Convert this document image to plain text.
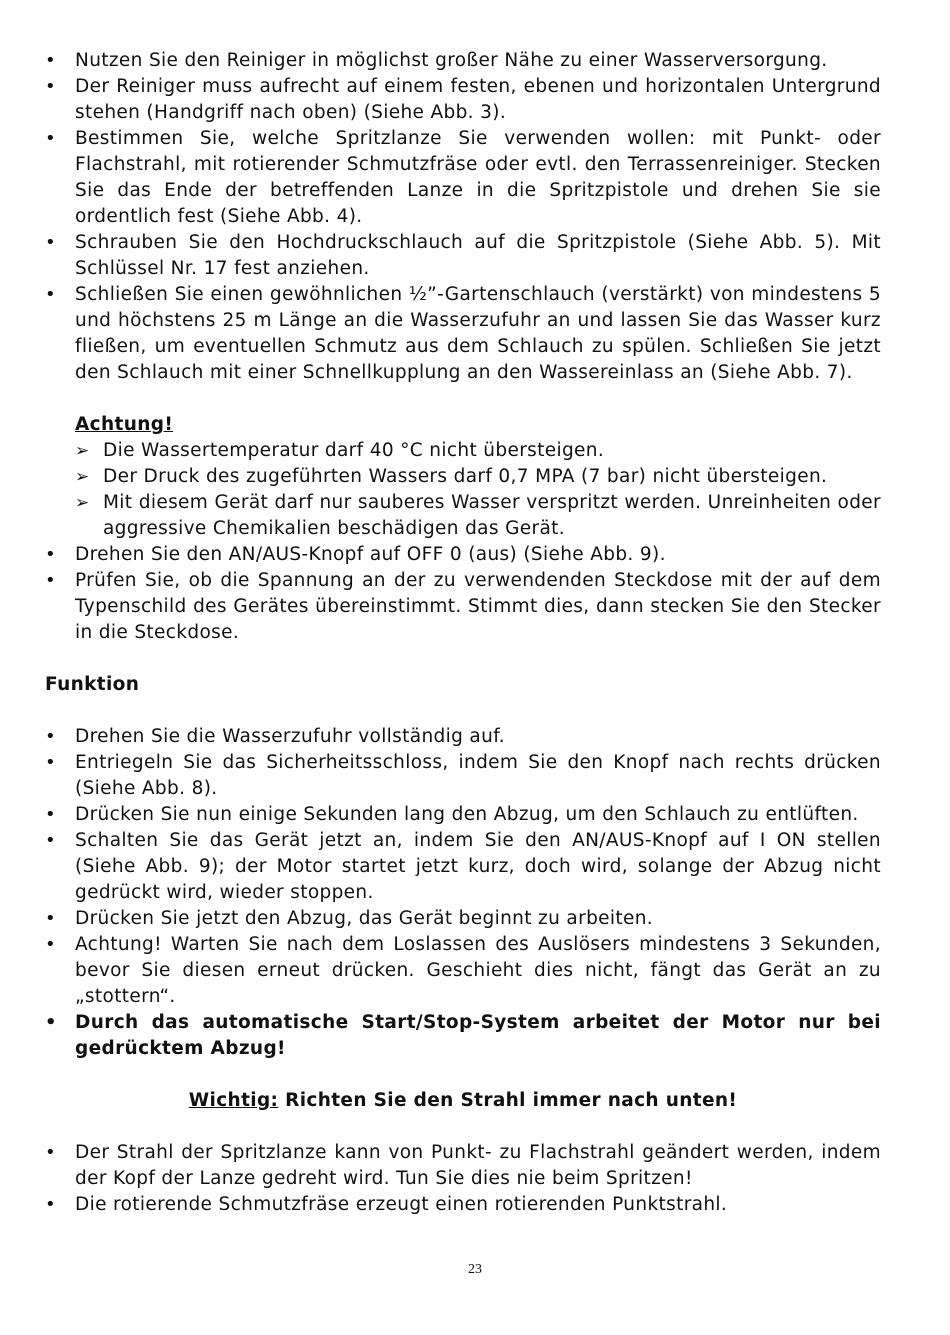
• Nutzen Sie den Reiniger in möglichst großer Nähe zu einer Wasserversorgung.
• Der Reiniger muss aufrecht auf einem festen, ebenen und horizontalen Untergrund stehen (Handgriff nach oben) (Siehe Abb. 3).
• Bestimmen Sie, welche Spritzlanze Sie verwenden wollen: mit Punkt- oder Flachstrahl, mit rotierender Schmutzfräse oder evtl. den Terrassenreiniger. Stecken Sie das Ende der betreffenden Lanze in die Spritzpistole und drehen Sie sie ordentlich fest (Siehe Abb. 4).
• Schrauben Sie den Hochdruckschlauch auf die Spritzpistole (Siehe Abb. 5). Mit Schlüssel Nr. 17 fest anziehen.
• Schließen Sie einen gewöhnlichen ½”-Gartenschlauch (verstärkt) von mindestens 5 und höchstens 25 m Länge an die Wasserzufuhr an und lassen Sie das Wasser kurz fließen, um eventuellen Schmutz aus dem Schlauch zu spülen. Schließen Sie jetzt den Schlauch mit einer Schnellkupplung an den Wassereinlass an (Siehe Abb. 7).
Achtung!
➢ Die Wassertemperatur darf 40 °C nicht übersteigen.
➢ Der Druck des zugeführten Wassers darf 0,7 MPA (7 bar) nicht übersteigen.
➢ Mit diesem Gerät darf nur sauberes Wasser verspritzt werden. Unreinheiten oder aggressive Chemikalien beschädigen das Gerät.
• Drehen Sie den AN/AUS-Knopf auf OFF 0 (aus) (Siehe Abb. 9).
• Prüfen Sie, ob die Spannung an der zu verwendenden Steckdose mit der auf dem Typenschild des Gerätes übereinstimmt. Stimmt dies, dann stecken Sie den Stecker in die Steckdose.
Funktion
• Drehen Sie die Wasserzufuhr vollständig auf.
• Entriegeln Sie das Sicherheitsschloss, indem Sie den Knopf nach rechts drücken (Siehe Abb. 8).
• Drücken Sie nun einige Sekunden lang den Abzug, um den Schlauch zu entlüften.
• Schalten Sie das Gerät jetzt an, indem Sie den AN/AUS-Knopf auf I ON stellen (Siehe Abb. 9); der Motor startet jetzt kurz, doch wird, solange der Abzug nicht gedrückt wird, wieder stoppen.
• Drücken Sie jetzt den Abzug, das Gerät beginnt zu arbeiten.
• Achtung! Warten Sie nach dem Loslassen des Auslösers mindestens 3 Sekunden, bevor Sie diesen erneut drücken. Geschieht dies nicht, fängt das Gerät an zu „stottern“.
• Durch das automatische Start/Stop-System arbeitet der Motor nur bei gedrücktem Abzug!
Wichtig: Richten Sie den Strahl immer nach unten!
• Der Strahl der Spritzlanze kann von Punkt- zu Flachstrahl geändert werden, indem der Kopf der Lanze gedreht wird. Tun Sie dies nie beim Spritzen!
• Die rotierende Schmutzfräse erzeugt einen rotierenden Punktstrahl.
23
